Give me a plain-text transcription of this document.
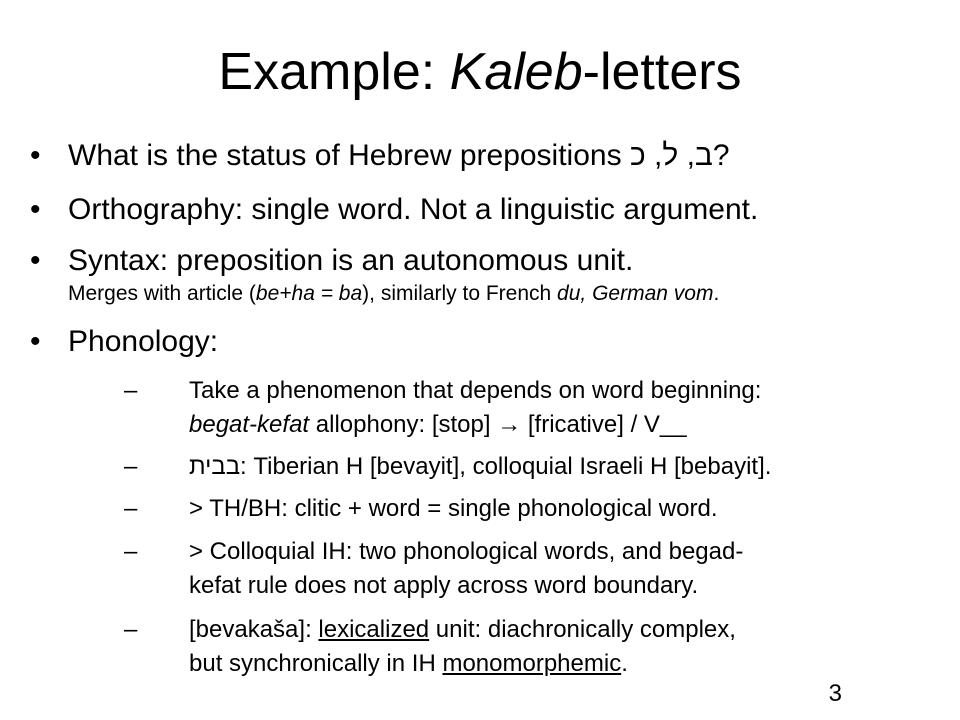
Example: Kaleb-letters
• What is the status of Hebrew prepositions ב, ל, כ?
• Orthography: single word. Not a linguistic argument.
• Syntax: preposition is an autonomous unit.
Merges with article (be+ha = ba), similarly to French du, German vom.
• Phonology:
– Take a phenomenon that depends on word beginning:
begat-kefat allophony: [stop] → [fricative] / V__
– בבית: Tiberian H [bevayit], colloquial Israeli H [bebayit].
– > TH/BH: clitic + word = single phonological word.
– > Colloquial IH: two phonological words, and begad-
kefat rule does not apply across word boundary.
– [bevakaša]: lexicalized unit: diachronically complex,
but synchronically in IH monomorphemic.
3
